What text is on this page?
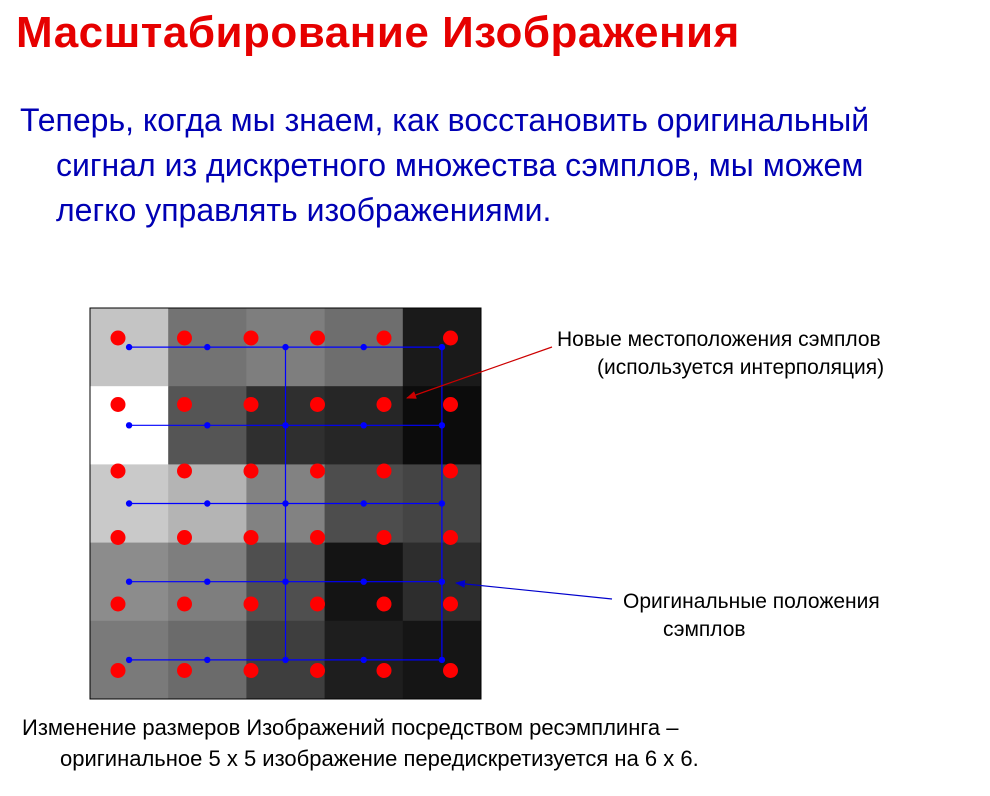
Масштабирование Изображения
Теперь, когда мы знаем, как восстановить оригинальный
сигнал из дискретного множества сэмплов, мы можем
легко управлять изображениями.
Новые местоположения сэмплов
(используется интерполяция)
Оригинальные положения
сэмплов
Изменение размеров Изображений посредством ресэмплинга –
оригинальное 5 x 5 изображение передискретизуется на 6 x 6.
